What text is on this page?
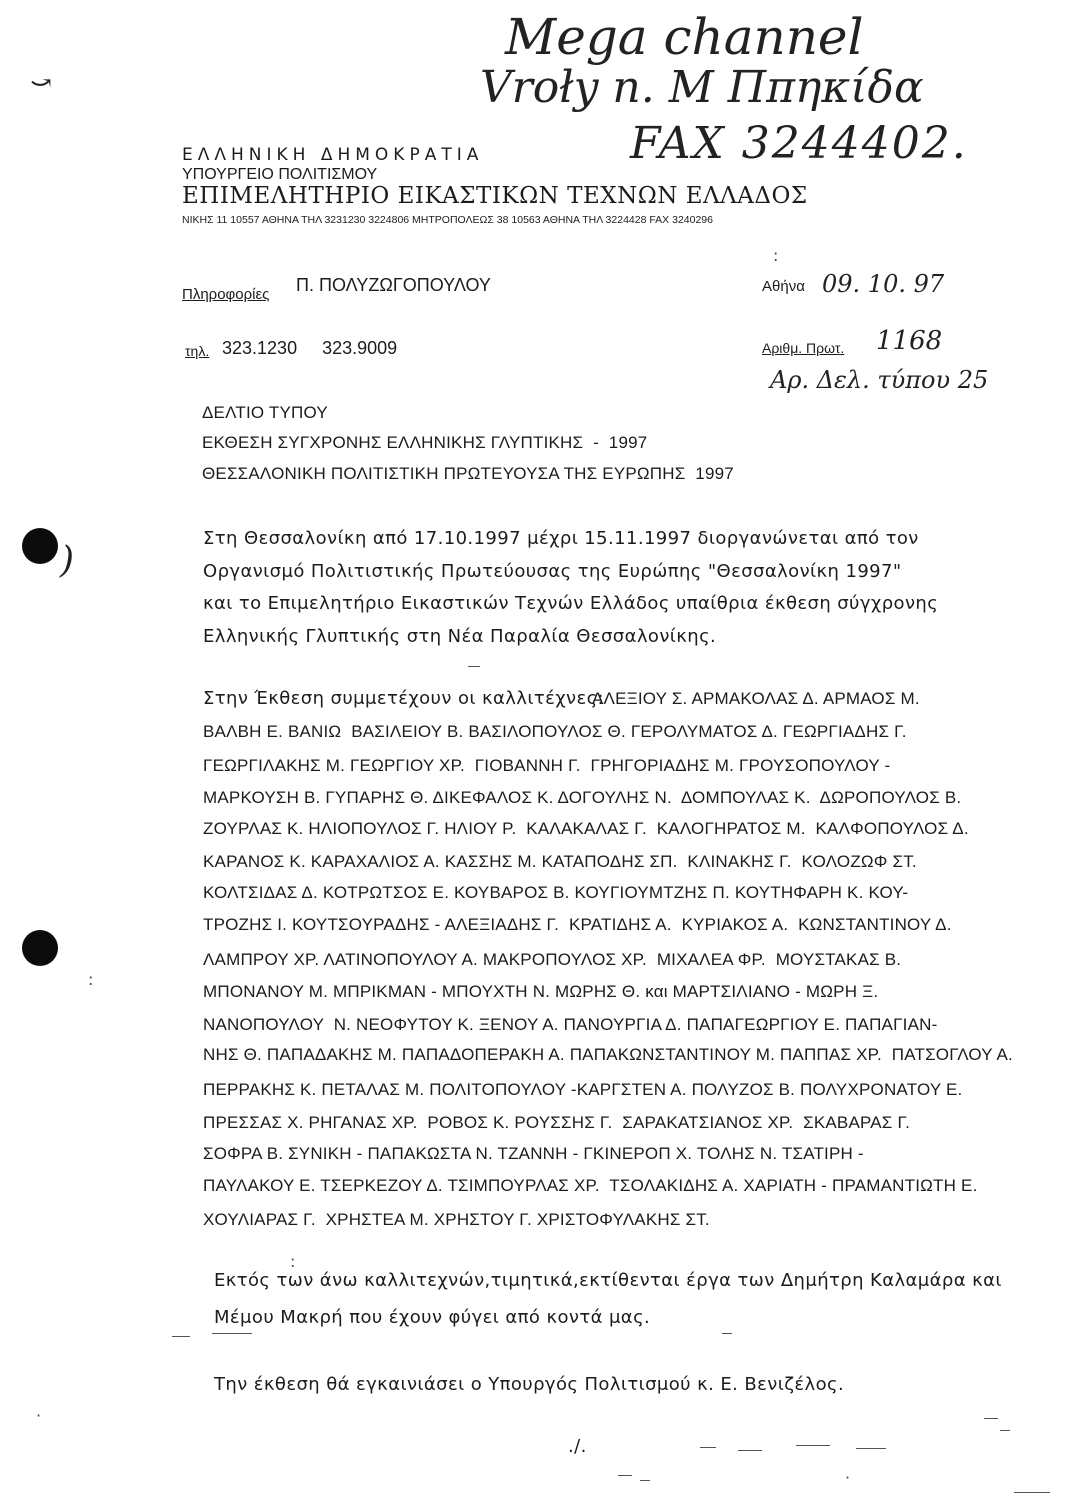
Mega channel
Vroły n. M Ππηκίδα
FAX 3244402.
⤻
ΕΛΛΗΝΙΚΗ ΔΗΜΟΚΡΑΤΙΑ
ΥΠΟΥΡΓΕΙΟ ΠΟΛΙΤΙΣΜΟΥ
ΕΠΙΜΕΛΗΤΗΡΙΟ ΕΙΚΑΣΤΙΚΩΝ ΤΕΧΝΩΝ ΕΛΛΑΔΟΣ
ΝΙΚΗΣ 11 10557 ΑΘΗΝΑ ΤΗΛ 3231230 3224806 ΜΗΤΡΟΠΟΛΕΩΣ 38 10563 ΑΘΗΝΑ ΤΗΛ 3224428 FAX 3240296
Πληροφορίες Π. ΠΟΛΥΖΩΓΟΠΟΥΛΟΥ	Αθήνα 09. 10. 97
τηλ. 323.1230     323.9009	Αριθμ. Πρωτ. 1168
Αρ. Δελ. τύπου 25
ΔΕΛΤΙΟ ΤΥΠΟΥ
ΕΚΘΕΣΗ ΣΥΓΧΡΟΝΗΣ ΕΛΛΗΝΙΚΗΣ ΓΛΥΠΤΙΚΗΣ  -  1997
ΘΕΣΣΑΛΟΝΙΚΗ ΠΟΛΙΤΙΣΤΙΚΗ ΠΡΩΤΕΥΟΥΣΑ ΤΗΣ ΕΥΡΩΠΗΣ  1997
)
Στη Θεσσαλονίκη από 17.10.1997 μέχρι 15.11.1997 διοργανώνεται από τον
Οργανισμό Πολιτιστικής Πρωτεύουσας της Ευρώπης "Θεσσαλονίκη 1997"
και το Επιμελητήριο Εικαστικών Τεχνών Ελλάδος υπαίθρια έκθεση σύγχρονης
Ελληνικής Γλυπτικής στη Νέα Παραλία Θεσσαλονίκης.
Στην Έκθεση συμμετέχουν οι καλλιτέχνες:
ΑΛΕΞΙΟΥ Σ. ΑΡΜΑΚΟΛΑΣ Δ. ΑΡΜΑΟΣ Μ.
ΒΑΛΒΗ Ε. ΒΑΝΙΩ  ΒΑΣΙΛΕΙΟΥ Β. ΒΑΣΙΛΟΠΟΥΛΟΣ Θ. ΓΕΡΟΛΥΜΑΤΟΣ Δ. ΓΕΩΡΓΙΑΔΗΣ Γ.
ΓΕΩΡΓΙΛΑΚΗΣ Μ. ΓΕΩΡΓΙΟΥ ΧΡ.  ΓΙΟΒΑΝΝΗ Γ.  ΓΡΗΓΟΡΙΑΔΗΣ Μ. ΓΡΟΥΣΟΠΟΥΛΟΥ -
ΜΑΡΚΟΥΣΗ Β. ΓΥΠΑΡΗΣ Θ. ΔΙΚΕΦΑΛΟΣ Κ. ΔΟΓΟΥΛΗΣ Ν.  ΔΟΜΠΟΥΛΑΣ Κ.  ΔΩΡΟΠΟΥΛΟΣ Β.
ΖΟΥΡΛΑΣ Κ. ΗΛΙΟΠΟΥΛΟΣ Γ. ΗΛΙΟΥ Ρ.  ΚΑΛΑΚΑΛΑΣ Γ.  ΚΑΛΟΓΗΡΑΤΟΣ Μ.  ΚΑΛΦΟΠΟΥΛΟΣ Δ.
ΚΑΡΑΝΟΣ Κ. ΚΑΡΑΧΑΛΙΟΣ Α. ΚΑΣΣΗΣ Μ. ΚΑΤΑΠΟΔΗΣ ΣΠ.  ΚΛΙΝΑΚΗΣ Γ.  ΚΟΛΟΖΩΦ ΣΤ.
ΚΟΛΤΣΙΔΑΣ Δ. ΚΟΤΡΩΤΣΟΣ Ε. ΚΟΥΒΑΡΟΣ Β. ΚΟΥΓΙΟΥΜΤΖΗΣ Π. ΚΟΥΤΗΦΑΡΗ Κ. ΚΟΥ-
ΤΡΟΖΗΣ Ι. ΚΟΥΤΣΟΥΡΑΔΗΣ - ΑΛΕΞΙΑΔΗΣ Γ.  ΚΡΑΤΙΔΗΣ Α.  ΚΥΡΙΑΚΟΣ Α.  ΚΩΝΣΤΑΝΤΙΝΟΥ Δ.
ΛΑΜΠΡΟΥ ΧΡ. ΛΑΤΙΝΟΠΟΥΛΟΥ Α. ΜΑΚΡΟΠΟΥΛΟΣ ΧΡ.  ΜΙΧΑΛΕΑ ΦΡ.  ΜΟΥΣΤΑΚΑΣ Β.
ΜΠΟΝΑΝΟΥ Μ. ΜΠΡΙΚΜΑΝ - ΜΠΟΥΧΤΗ Ν. ΜΩΡΗΣ Θ. και ΜΑΡΤΣΙΛΙΑΝΟ - ΜΩΡΗ Ξ.
ΝΑΝΟΠΟΥΛΟΥ  Ν. ΝΕΟΦΥΤΟΥ Κ. ΞΕΝΟΥ Α. ΠΑΝΟΥΡΓΙΑ Δ. ΠΑΠΑΓΕΩΡΓΙΟΥ Ε. ΠΑΠΑΓΙΑΝ-
ΝΗΣ Θ. ΠΑΠΑΔΑΚΗΣ Μ. ΠΑΠΑΔΟΠΕΡΑΚΗ Α. ΠΑΠΑΚΩΝΣΤΑΝΤΙΝΟΥ Μ. ΠΑΠΠΑΣ ΧΡ.  ΠΑΤΣΟΓΛΟΥ Α.
ΠΕΡΡΑΚΗΣ Κ. ΠΕΤΑΛΑΣ Μ. ΠΟΛΙΤΟΠΟΥΛΟΥ -ΚΑΡΓΣΤΕΝ Α. ΠΟΛΥΖΟΣ Β. ΠΟΛΥΧΡΟΝΑΤΟΥ Ε.
ΠΡΕΣΣΑΣ Χ. ΡΗΓΑΝΑΣ ΧΡ.  ΡΟΒΟΣ Κ. ΡΟΥΣΣΗΣ Γ.  ΣΑΡΑΚΑΤΣΙΑΝΟΣ ΧΡ.  ΣΚΑΒΑΡΑΣ Γ.
ΣΟΦΡΑ Β. ΣΥΝΙΚΗ - ΠΑΠΑΚΩΣΤΑ Ν. ΤΖΑΝΝΗ - ΓΚΙΝΕΡΟΠ Χ. ΤΟΛΗΣ Ν. ΤΣΑΤΙΡΗ -
ΠΑΥΛΑΚΟΥ Ε. ΤΣΕΡΚΕΖΟΥ Δ. ΤΣΙΜΠΟΥΡΛΑΣ ΧΡ.  ΤΣΟΛΑΚΙΔΗΣ Α. ΧΑΡΙΑΤΗ - ΠΡΑΜΑΝΤΙΩΤΗ Ε.
ΧΟΥΛΙΑΡΑΣ Γ.  ΧΡΗΣΤΕΑ Μ. ΧΡΗΣΤΟΥ Γ. ΧΡΙΣΤΟΦΥΛΑΚΗΣ ΣΤ.
Εκτός των άνω καλλιτεχνών,τιμητικά,εκτίθενται έργα των Δημήτρη Καλαμάρα και
Μέμου Μακρή που έχουν φύγει από κοντά μας.
Την έκθεση θά εγκαινιάσει ο Υπουργός Πολιτισμού κ. Ε. Βενιζέλος.
./.
:
:
:
·
·
